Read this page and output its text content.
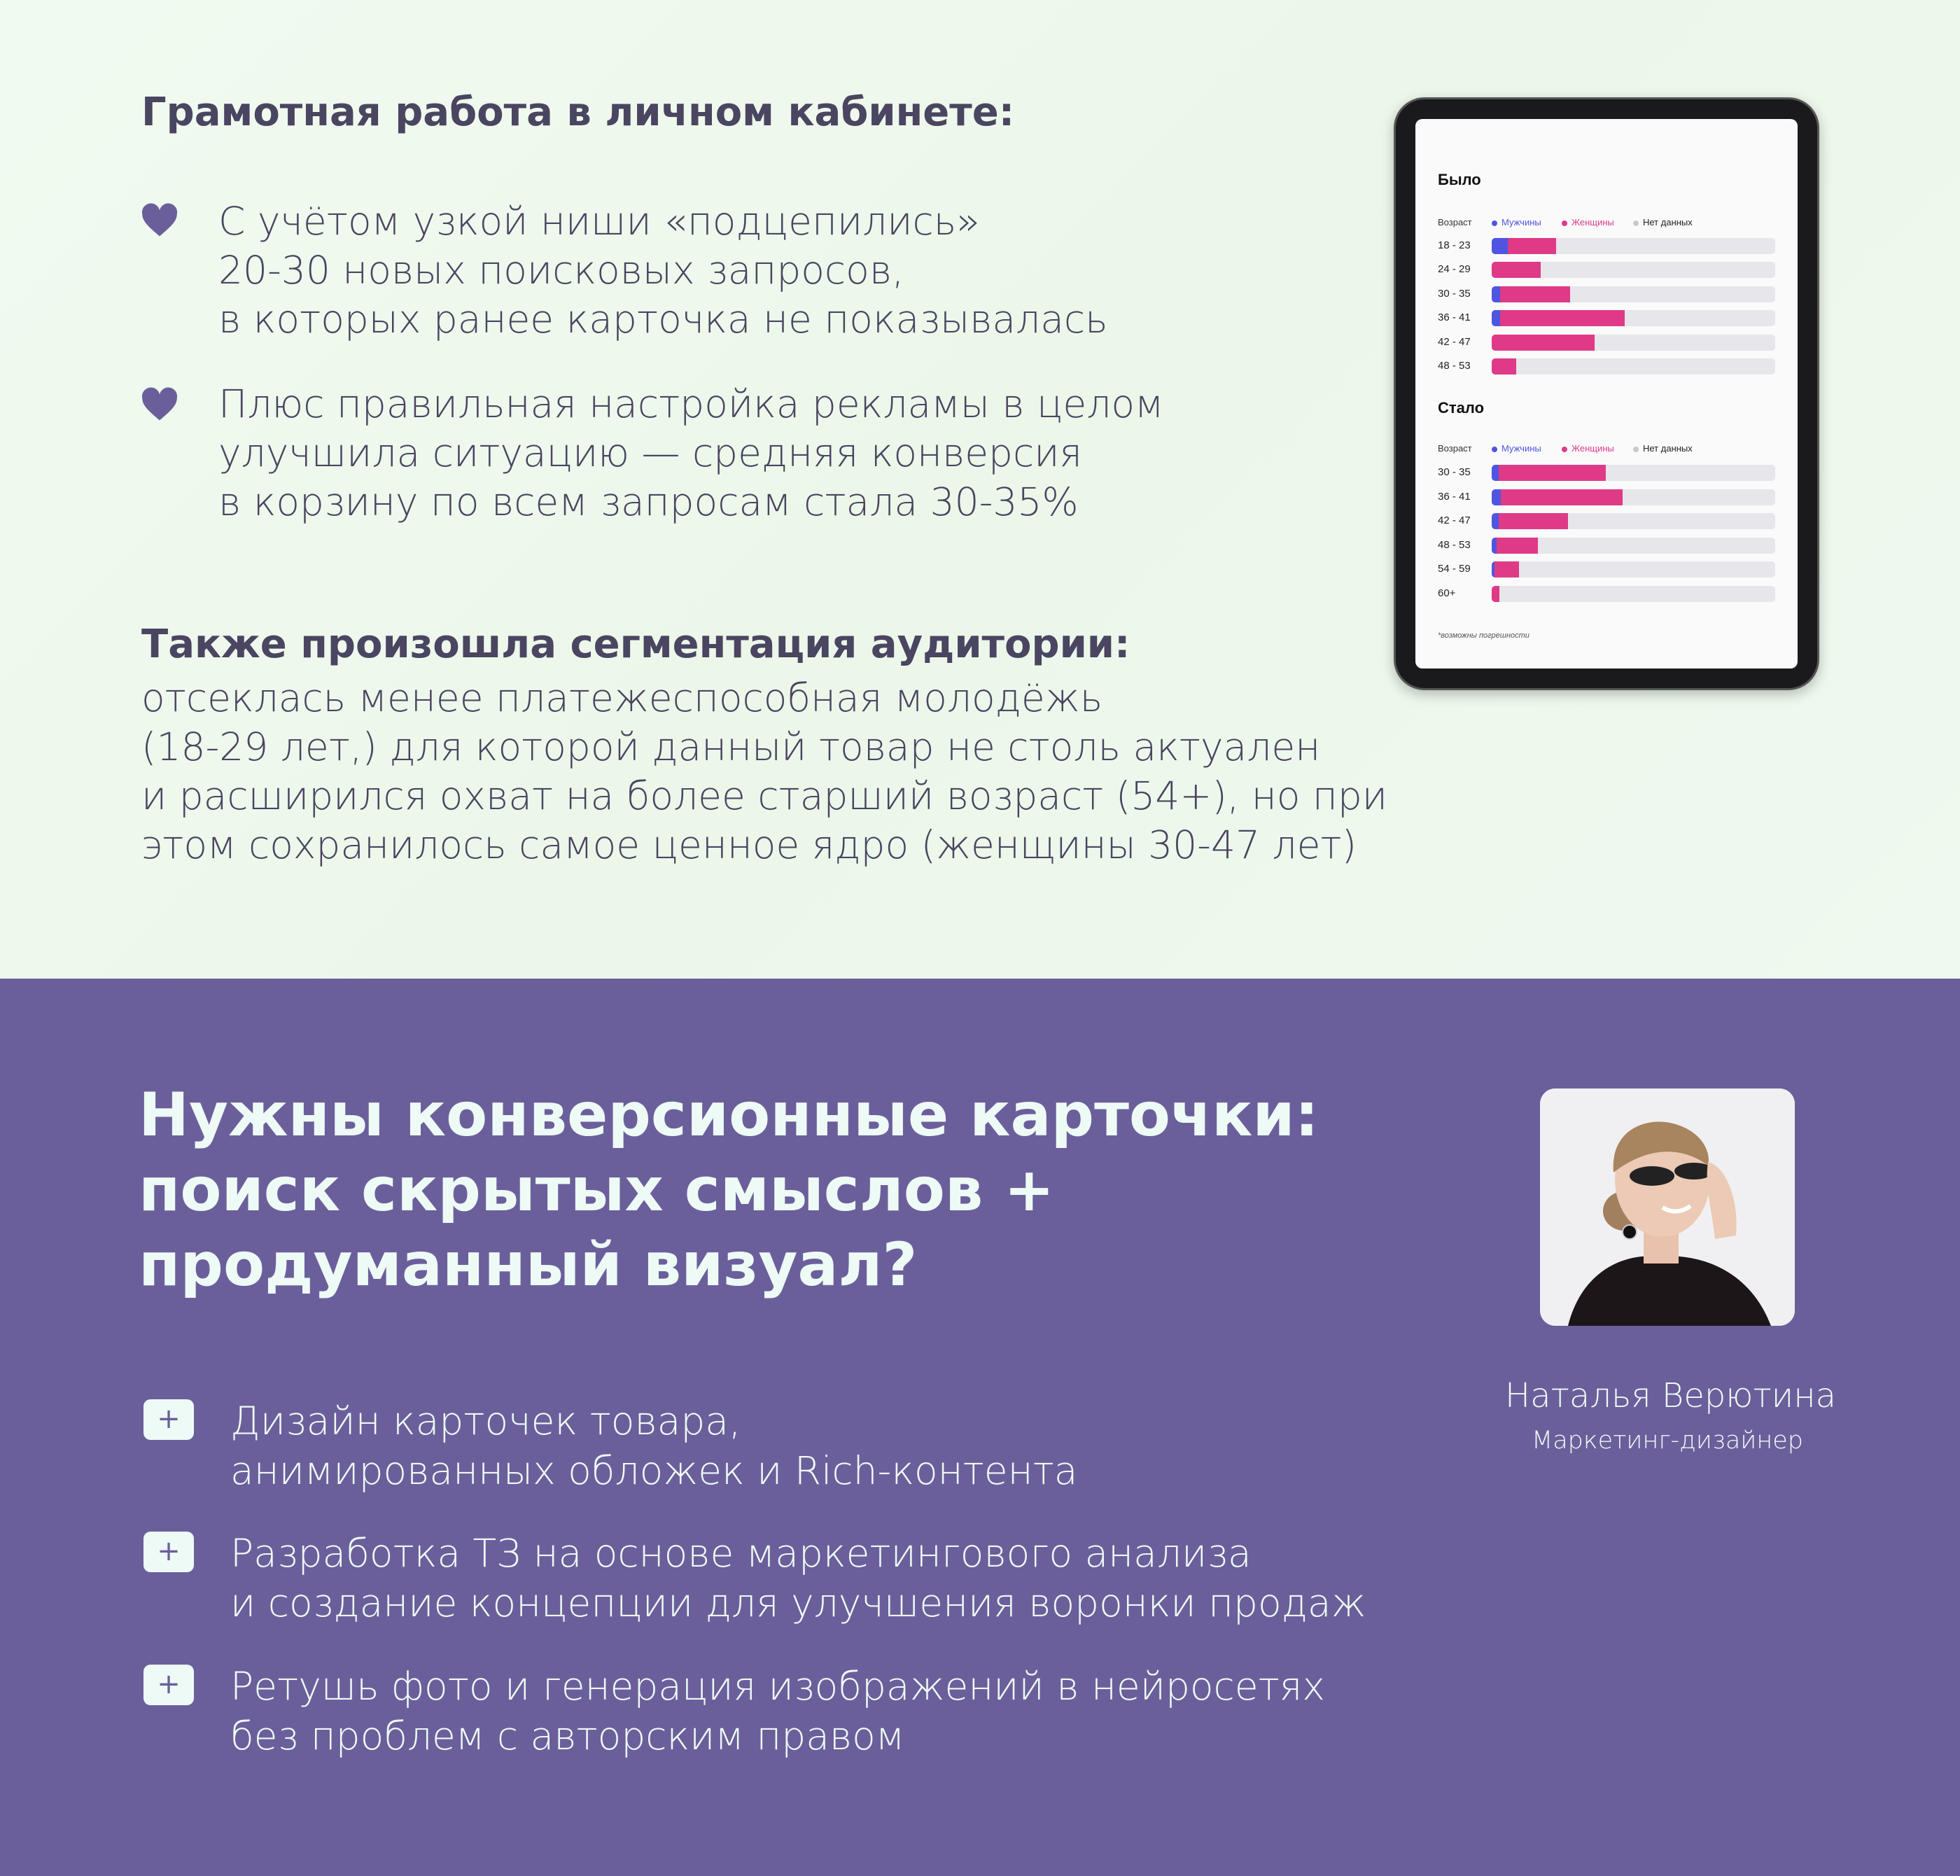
Грамотная работа в личном кабинете:
С учётом узкой ниши «подцепились»
20-30 новых поисковых запросов,
в которых ранее карточка не показывалась
Плюс правильная настройка рекламы в целом
улучшила ситуацию — средняя конверсия
в корзину по всем запросам стала 30-35%
Также произошла сегментация аудитории:
отсеклась менее платежеспособная молодёжь
(18-29 лет,) для которой данный товар не столь актуален
и расширился охват на более старший возраст (54+), но при
этом сохранилось самое ценное ядро (женщины 30-47 лет)
Было
Возраст	Мужчины	Женщины	Нет данных
18 - 23
24 - 29
30 - 35
36 - 41
42 - 47
48 - 53
Стало
Возраст	Мужчины	Женщины	Нет данных
30 - 35
36 - 41
42 - 47
48 - 53
54 - 59
60+
*возможны погрешности
Нужны конверсионные карточки:
поиск скрытых смыслов +
продуманный визуал?
+	Дизайн карточек товара,
анимированных обложек и Rich-контента
+	Разработка ТЗ на основе маркетингового анализа
и создание концепции для улучшения воронки продаж
+	Ретушь фото и генерация изображений в нейросетях
без проблем с авторским правом
Наталья Верютина
Маркетинг-дизайнер
